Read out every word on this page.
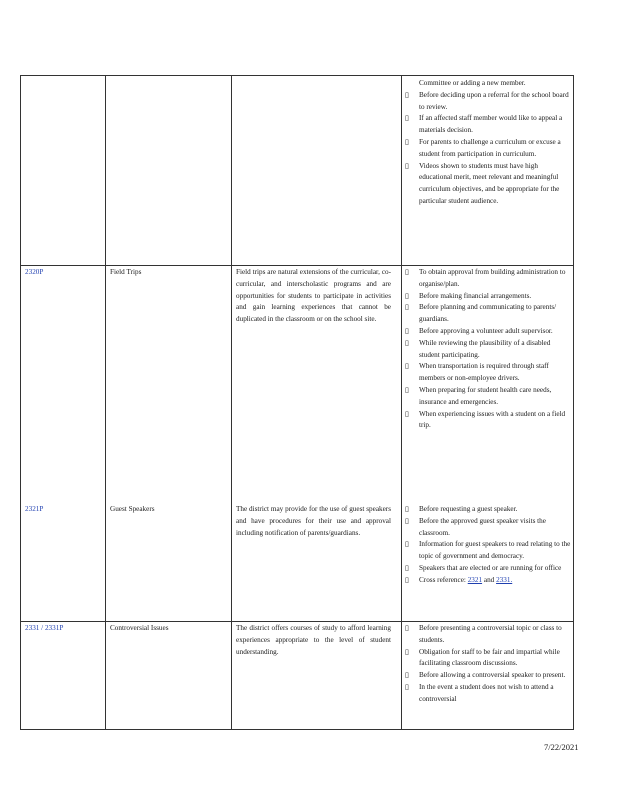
Committee or adding a new member.
▯ Before deciding upon a referral for the school board to review.
▯ If an affected staff member would like to appeal a materials decision.
▯ For parents to challenge a curriculum or excuse a student from participation in curriculum.
▯ Videos shown to students must have high educational merit, meet relevant and meaningful curriculum objectives, and be appropriate for the particular student audience.
2320P	Field Trips	Field trips are natural extensions of the curricular, co-curricular, and interscholastic programs and are opportunities for students to participate in activities and gain learning experiences that cannot be duplicated in the classroom or on the school site.
▯ To obtain approval from building administration to organise/plan.
▯ Before making financial arrangements.
▯ Before planning and communicating to parents/ guardians.
▯ Before approving a volunteer adult supervisor.
▯ While reviewing the plausibility of a disabled student participating.
▯ When transportation is required through staff members or non-employee drivers.
▯ When preparing for student health care needs, insurance and emergencies.
▯ When experiencing issues with a student on a field trip.
2321P	Guest Speakers	The district may provide for the use of guest speakers and have procedures for their use and approval including notification of parents/guardians.
▯ Before requesting a guest speaker.
▯ Before the approved guest speaker visits the classroom.
▯ Information for guest speakers to read relating to the topic of government and democracy.
▯ Speakers that are elected or are running for office
▯ Cross reference: 2321 and 2331.
2331 / 2331P	Controversial Issues	The district offers courses of study to afford learning experiences appropriate to the level of student understanding.
▯ Before presenting a controversial topic or class to students.
▯ Obligation for staff to be fair and impartial while facilitating classroom discussions.
▯ Before allowing a controversial speaker to present.
▯ In the event a student does not wish to attend a controversial
7/22/2021
